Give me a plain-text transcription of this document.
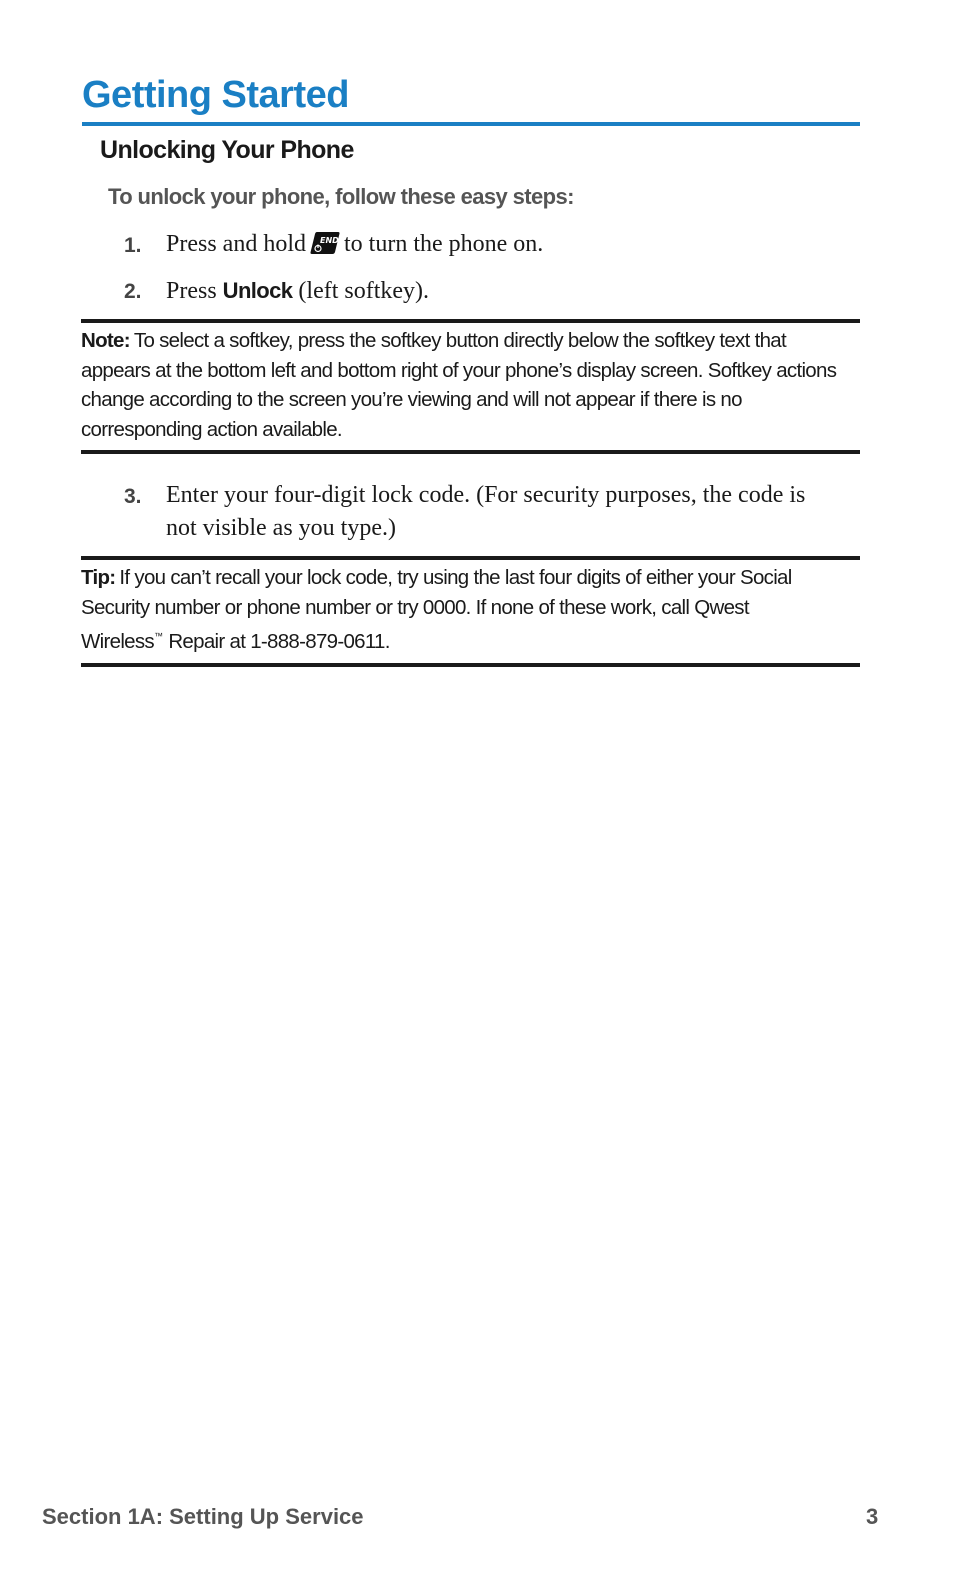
Getting Started
Unlocking Your Phone

To unlock your phone, follow these easy steps:

1.	Press and hold END to turn the phone on.
2.	Press Unlock (left softkey).
Note: To select a softkey, press the softkey button directly below the softkey text that appears at the bottom left and bottom right of your phone’s display screen. Softkey actions change according to the screen you’re viewing and will not appear if there is no corresponding action available.
3.	Enter your four-digit lock code. (For security purposes, the code is not visible as you type.)
Tip: If you can’t recall your lock code, try using the last four digits of either your Social Security number or phone number or try 0000. If none of these work, call Qwest Wireless™ Repair at 1-888-879-0611.

Section 1A: Setting Up Service	3
